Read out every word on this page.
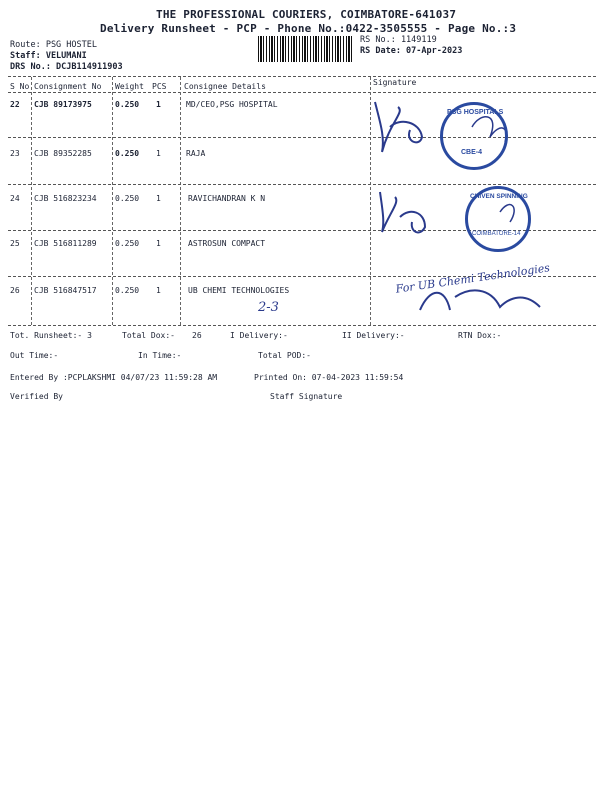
THE PROFESSIONAL COURIERS, COIMBATORE-641037
Delivery Runsheet - PCP - Phone No.:0422-3505555 - Page No.:3
Route: PSG HOSTEL
Staff: VELUMANI
DRS No.: DCJB114911903
RS No.: 1149119
RS Date: 07-Apr-2023
S No Consignment No Weight PCS Consignee Details	Signature
22 CJB 89173975	0.250 1	MD/CEO,PSG HOSPITAL
23 CJB 89352285	0.250 1	RAJA
24 CJB 516823234 0.250 1	RAVICHANDRAN K N
25 CJB 516811289 0.250 1	ASTROSUN COMPACT
26 CJB 516847517 0.250 1	UB CHEMI TECHNOLOGIES
PSG HOSPITALS
CBE-4
CHIVEN SPINNING
COIMBATORE-14
For UB Chemi Technologies
2-3
Tot. Runsheet:- 3	Total Dox:- 26	I Delivery:-	II Delivery:-	RTN Dox:-
Out Time:-	In Time:-	Total POD:-
Entered By :PCPLAKSHMI 04/07/23 11:59:28 AM	Printed On: 07-04-2023 11:59:54
Verified By	Staff Signature
